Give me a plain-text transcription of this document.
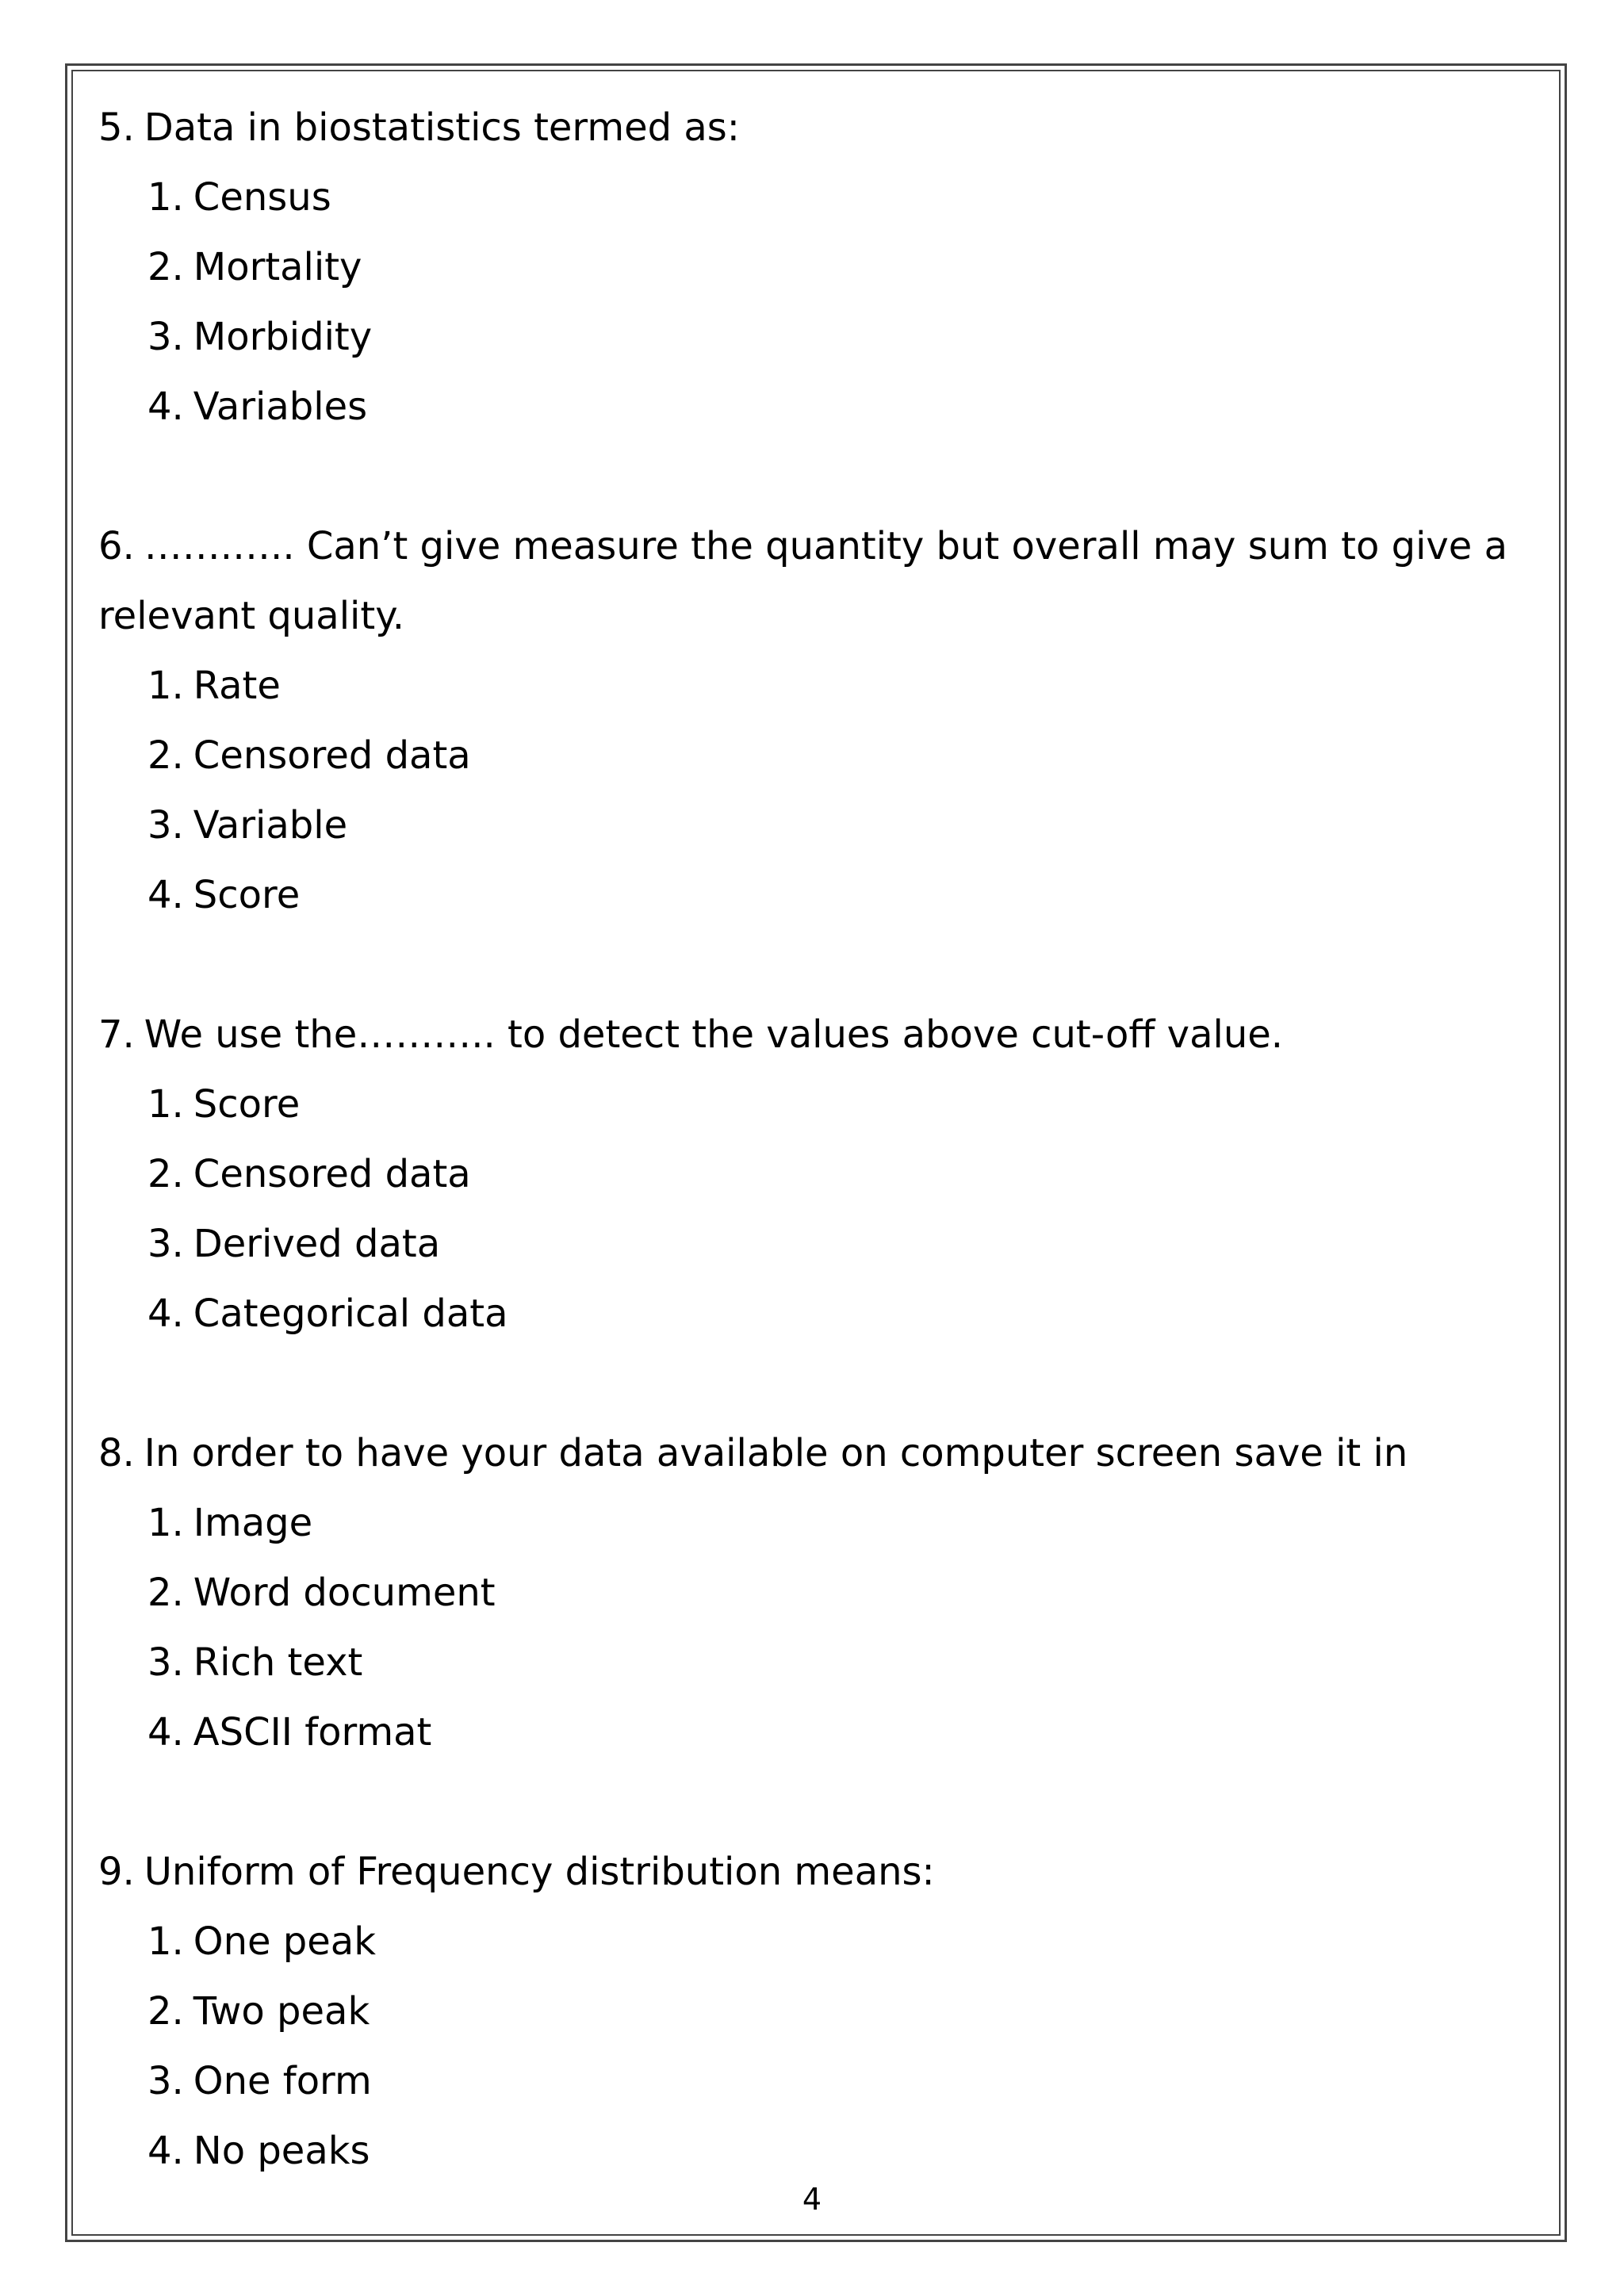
5. Data in biostatistics termed as:
1. Census
2. Mortality
3. Morbidity
4. Variables
6. …….….. Can’t give measure the quantity but overall may sum to give a relevant quality.
1. Rate
2. Censored data
3. Variable
4. Score
7. We use the……….. to detect the values above cut-off value.
1. Score
2. Censored data
3. Derived data
4. Categorical data
8. In order to have your data available on computer screen save it in
1. Image
2. Word document
3. Rich text
4. ASCII format
9. Uniform of Frequency distribution means:
1. One peak
2. Two peak
3. One form
4. No peaks
4
